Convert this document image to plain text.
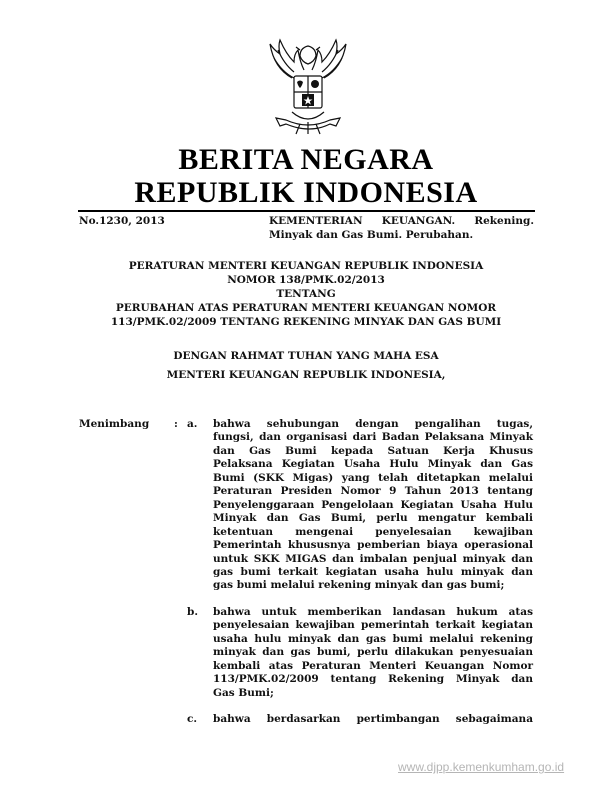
BERITA NEGARA
REPUBLIK INDONESIA
No.1230, 2013	KEMENTERIAN KEUANGAN. Rekening.
Minyak dan Gas Bumi. Perubahan.
PERATURAN MENTERI KEUANGAN REPUBLIK INDONESIA
NOMOR 138/PMK.02/2013
TENTANG
PERUBAHAN ATAS PERATURAN MENTERI KEUANGAN NOMOR
113/PMK.02/2009 TENTANG REKENING MINYAK DAN GAS BUMI
DENGAN RAHMAT TUHAN YANG MAHA ESA
MENTERI KEUANGAN REPUBLIK INDONESIA,
Menimbang : a. bahwa sehubungan dengan pengalihan tugas,
fungsi, dan organisasi dari Badan Pelaksana Minyak
dan Gas Bumi kepada Satuan Kerja Khusus
Pelaksana Kegiatan Usaha Hulu Minyak dan Gas
Bumi (SKK Migas) yang telah ditetapkan melalui
Peraturan Presiden Nomor 9 Tahun 2013 tentang
Penyelenggaraan Pengelolaan Kegiatan Usaha Hulu
Minyak dan Gas Bumi, perlu mengatur kembali
ketentuan mengenai penyelesaian kewajiban
Pemerintah khususnya pemberian biaya operasional
untuk SKK MIGAS dan imbalan penjual minyak dan
gas bumi terkait kegiatan usaha hulu minyak dan
gas bumi melalui rekening minyak dan gas bumi;
b. bahwa untuk memberikan landasan hukum atas
penyelesaian kewajiban pemerintah terkait kegiatan
usaha hulu minyak dan gas bumi melalui rekening
minyak dan gas bumi, perlu dilakukan penyesuaian
kembali atas Peraturan Menteri Keuangan Nomor
113/PMK.02/2009 tentang Rekening Minyak dan
Gas Bumi;
c. bahwa berdasarkan pertimbangan sebagaimana
www.djpp.kemenkumham.go.id
